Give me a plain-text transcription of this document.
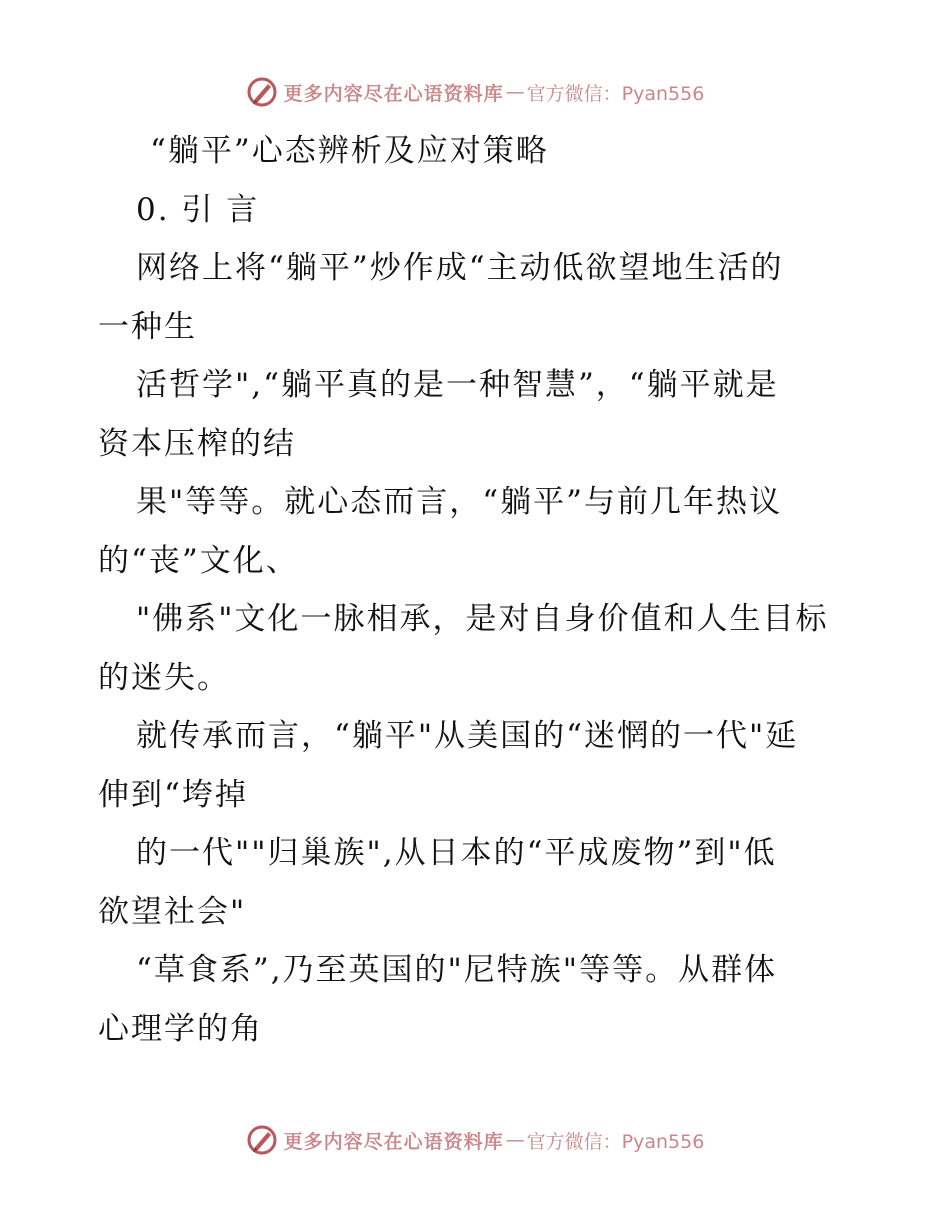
更多内容尽在心语资料库 — 官方微信：Pyan556
“躺平”心态辨析及应对策略
0. 引 言
网络上将“躺平”炒作成“主动低欲望地生活的
一种生
活哲学",“躺平真的是一种智慧”，“躺平就是
资本压榨的结
果"等等。就心态而言，“躺平”与前几年热议
的“丧”文化、
"佛系"文化一脉相承，是对自身价值和人生目标
的迷失。
就传承而言，“躺平"从美国的“迷惘的一代"延
伸到“垮掉
的一代""归巢族",从日本的“平成废物”到"低
欲望社会"
“草食系”,乃至英国的"尼特族"等等。从群体
心理学的角
更多内容尽在心语资料库 — 官方微信：Pyan556
